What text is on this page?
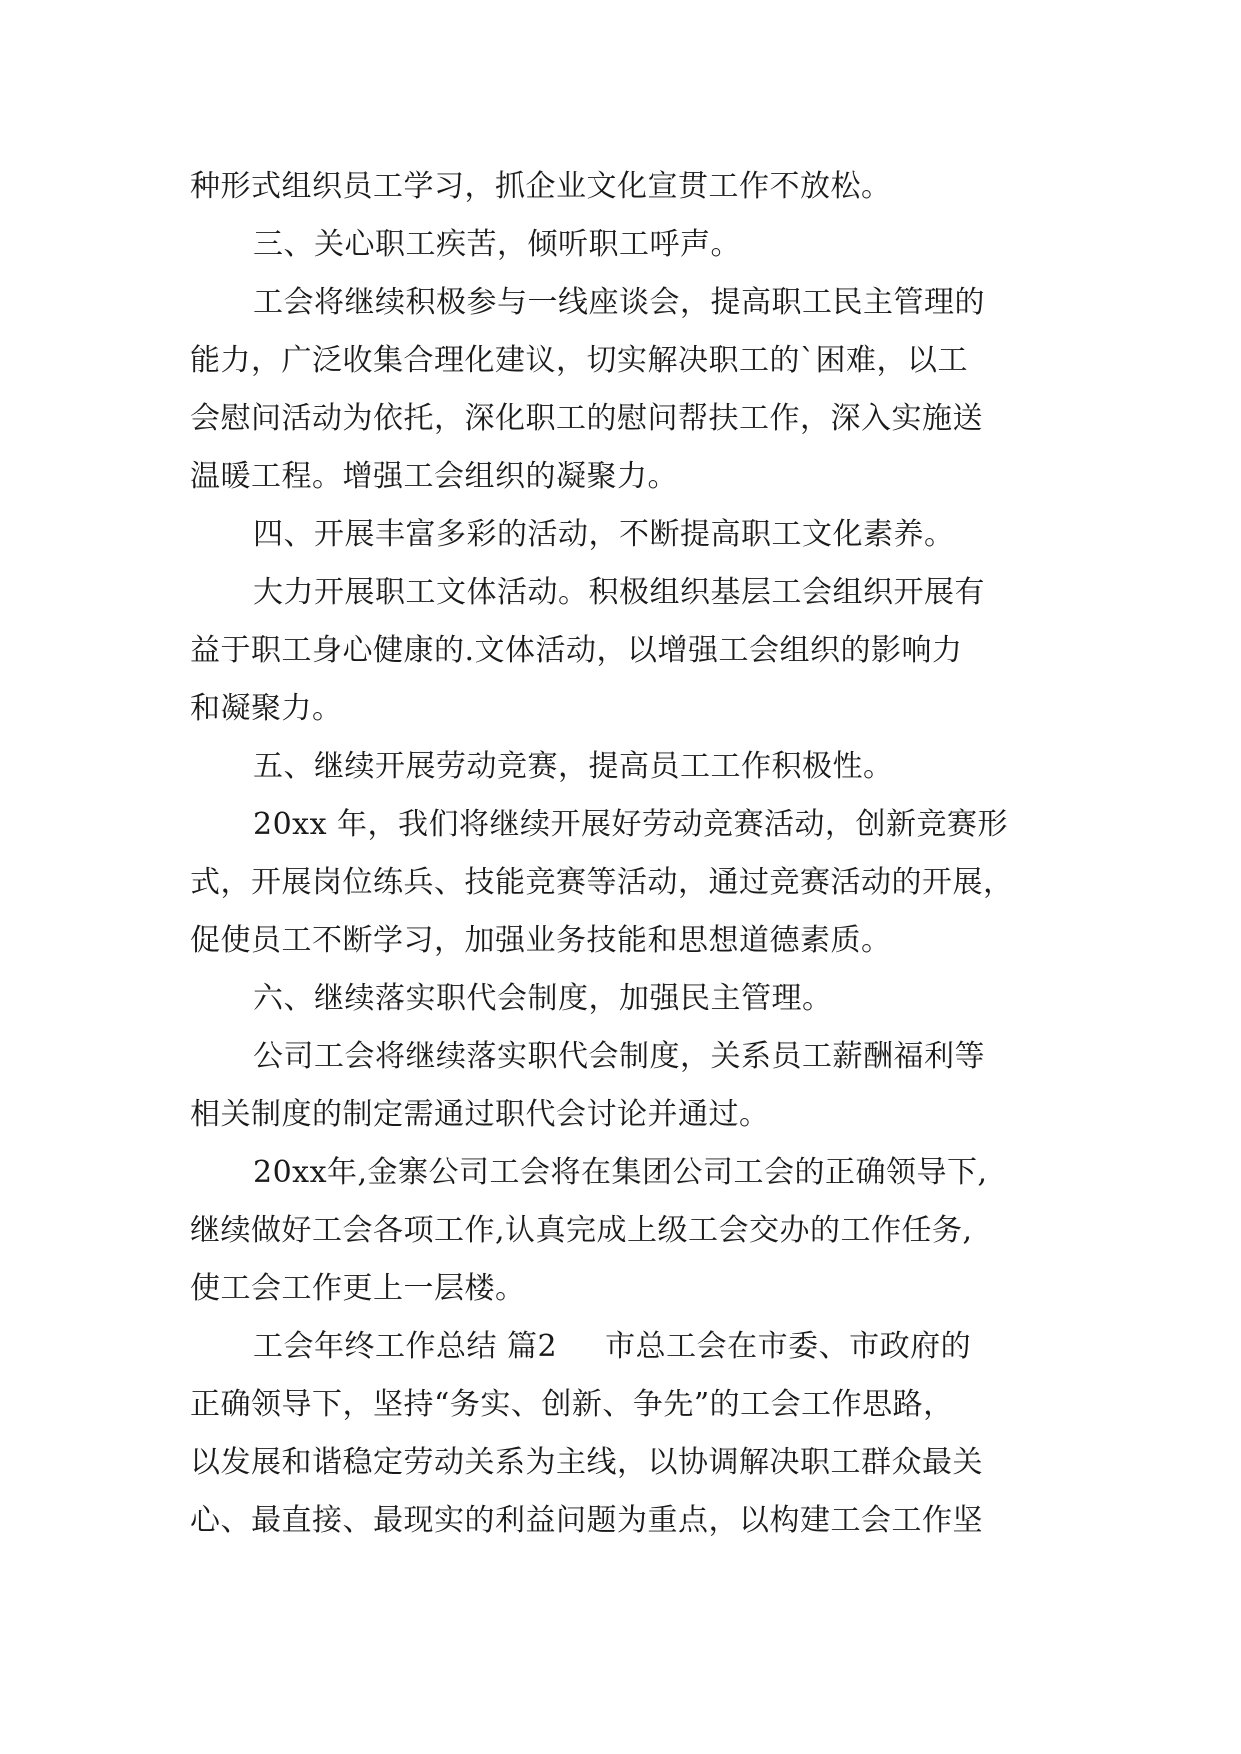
种形式组织员工学习，抓企业文化宣贯工作不放松。
三、关心职工疾苦，倾听职工呼声。
工会将继续积极参与一线座谈会，提高职工民主管理的
能力，广泛收集合理化建议，切实解决职工的`困难，以工
会慰问活动为依托，深化职工的慰问帮扶工作，深入实施送
温暖工程。增强工会组织的凝聚力。
四、开展丰富多彩的活动，不断提高职工文化素养。
大力开展职工文体活动。积极组织基层工会组织开展有
益于职工身心健康的.文体活动，以增强工会组织的影响力
和凝聚力。
五、继续开展劳动竞赛，提高员工工作积极性。
20xx 年，我们将继续开展好劳动竞赛活动，创新竞赛形
式，开展岗位练兵、技能竞赛等活动，通过竞赛活动的开展，
促使员工不断学习，加强业务技能和思想道德素质。
六、继续落实职代会制度，加强民主管理。
公司工会将继续落实职代会制度，关系员工薪酬福利等
相关制度的制定需通过职代会讨论并通过。
20xx年,金寨公司工会将在集团公司工会的正确领导下,
继续做好工会各项工作,认真完成上级工会交办的工作任务,
使工会工作更上一层楼。
工会年终工作总结 篇2 市总工会在市委、市政府的
正确领导下，坚持“务实、创新、争先”的工会工作思路，
以发展和谐稳定劳动关系为主线，以协调解决职工群众最关
心、最直接、最现实的利益问题为重点，以构建工会工作坚
